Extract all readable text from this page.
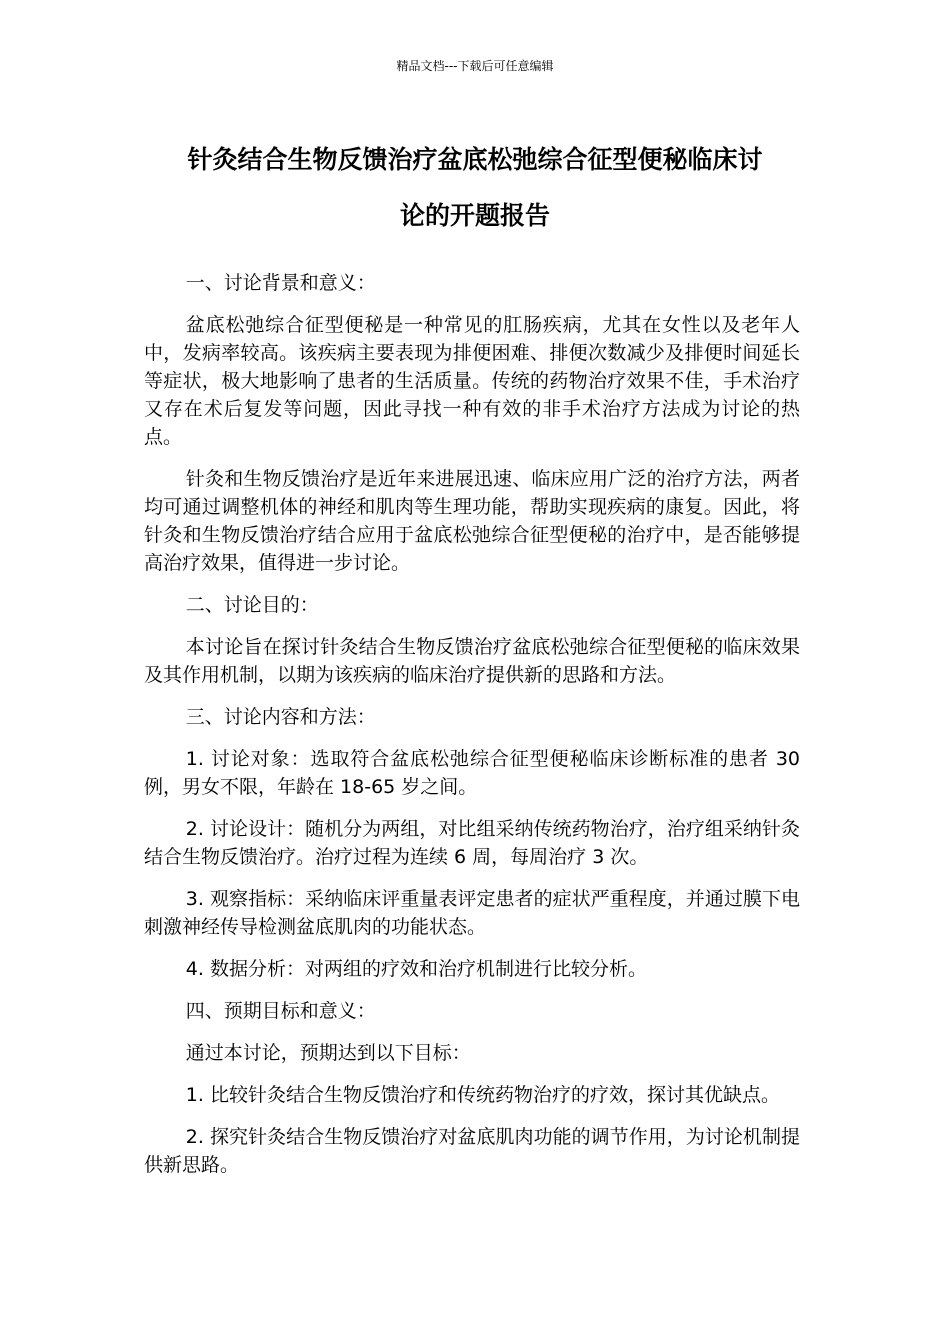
精品文档---下载后可任意编辑
针灸结合生物反馈治疗盆底松弛综合征型便秘临床讨
论的开题报告

一、讨论背景和意义：

盆底松弛综合征型便秘是一种常见的肛肠疾病，尤其在女性以及老年人中，发病率较高。该疾病主要表现为排便困难、排便次数减少及排便时间延长等症状，极大地影响了患者的生活质量。传统的药物治疗效果不佳，手术治疗又存在术后复发等问题，因此寻找一种有效的非手术治疗方法成为讨论的热点。

针灸和生物反馈治疗是近年来进展迅速、临床应用广泛的治疗方法，两者均可通过调整机体的神经和肌肉等生理功能，帮助实现疾病的康复。因此，将针灸和生物反馈治疗结合应用于盆底松弛综合征型便秘的治疗中，是否能够提高治疗效果，值得进一步讨论。

二、讨论目的：

本讨论旨在探讨针灸结合生物反馈治疗盆底松弛综合征型便秘的临床效果及其作用机制，以期为该疾病的临床治疗提供新的思路和方法。

三、讨论内容和方法：

1. 讨论对象：选取符合盆底松弛综合征型便秘临床诊断标准的患者 30 例，男女不限，年龄在 18-65 岁之间。

2. 讨论设计：随机分为两组，对比组采纳传统药物治疗，治疗组采纳针灸结合生物反馈治疗。治疗过程为连续 6 周，每周治疗 3 次。

3. 观察指标：采纳临床评重量表评定患者的症状严重程度，并通过膜下电刺激神经传导检测盆底肌肉的功能状态。

4. 数据分析：对两组的疗效和治疗机制进行比较分析。

四、预期目标和意义：

通过本讨论，预期达到以下目标：

1. 比较针灸结合生物反馈治疗和传统药物治疗的疗效，探讨其优缺点。

2. 探究针灸结合生物反馈治疗对盆底肌肉功能的调节作用，为讨论机制提供新思路。
